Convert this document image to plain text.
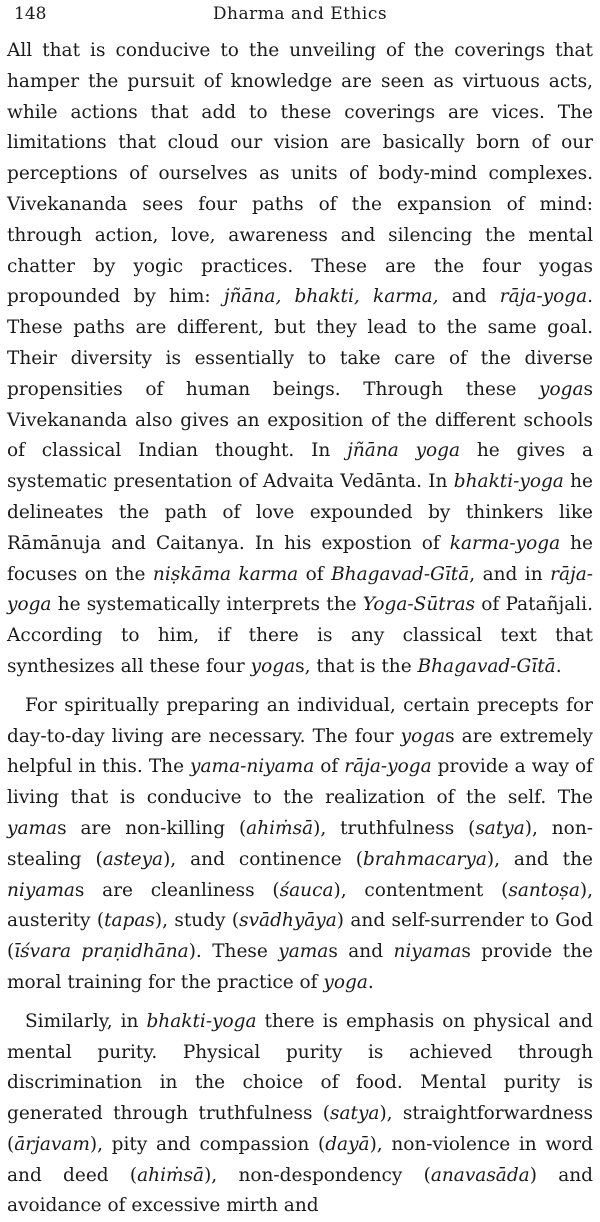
148	Dharma and Ethics

All that is conducive to the unveiling of the coverings that hamper the pursuit of knowledge are seen as virtuous acts, while actions that add to these coverings are vices. The limitations that cloud our vision are basically born of our perceptions of ourselves as units of body-mind complexes. Vivekananda sees four paths of the expansion of mind: through action, love, awareness and silencing the mental chatter by yogic practices. These are the four yogas propounded by him: jñāna, bhakti, karma, and rāja-yoga. These paths are different, but they lead to the same goal. Their diversity is essentially to take care of the diverse propensities of human beings. Through these yogas Vivekananda also gives an exposition of the different schools of classical Indian thought. In jñāna yoga he gives a systematic presentation of Advaita Vedānta. In bhakti-yoga he delineates the path of love expounded by thinkers like Rāmānuja and Caitanya. In his expostion of karma-yoga he focuses on the niṣkāma karma of Bhagavad-Gītā, and in rāja-yoga he systematically interprets the Yoga-Sūtras of Patañjali. According to him, if there is any classical text that synthesizes all these four yogas, that is the Bhagavad-Gītā.

For spiritually preparing an individual, certain precepts for day-to-day living are necessary. The four yogas are extremely helpful in this. The yama-niyama of rāja-yoga provide a way of living that is conducive to the realization of the self. The yamas are non-killing (ahiṁsā), truthfulness (satya), non-stealing (asteya), and continence (brahmacarya), and the niyamas are cleanliness (śauca), contentment (santoṣa), austerity (tapas), study (svādhyāya) and self-surrender to God (īśvara praṇidhāna). These yamas and niyamas provide the moral training for the practice of yoga.

Similarly, in bhakti-yoga there is emphasis on physical and mental purity. Physical purity is achieved through discrimination in the choice of food. Mental purity is generated through truthfulness (satya), straightforwardness (ārjavam), pity and compassion (dayā), non-violence in word and deed (ahiṁsā), non-despondency (anavasāda) and avoidance of excessive mirth and
